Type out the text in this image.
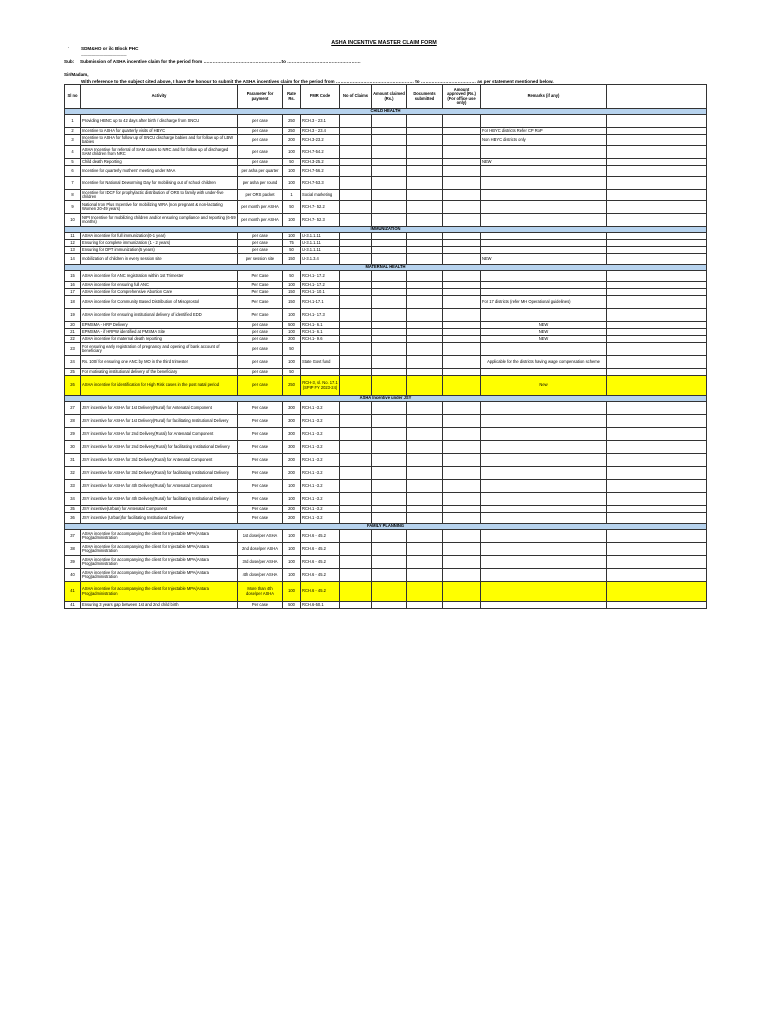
ASHA INCENTIVE MASTER CLAIM FORM
.	SDM&HO or i/c Block PHC
--------------------------------------------
Sub: Submission of ASHA incentive claim for the period from ……………………………………………to …………………………………………
Sir/Madam,
With reference to the subject cited above, I have the honour to submit the ASHA incentives claim for the period from …………………………………………… to ……………………………… as per statement mentioned below.
Sl no	Activity	Parameter for payment	Rate Rs.	FMR Code	No of Claims	Amount claimed (Rs.)	Documents submitted	Amount approved (Rs.) (For office use only)	Remarks (if any)	
CHILD HEALTH										
1	Providing HBNC up to 42 days after birth / discharge from SNCU	per case	250	RCH.3 - 23.1						
2	Incentive to ASHA for quarterly visits of HBYC	per case	250	RCH.3 - 23.4					For HBYC districts Refer CP RoP	
3	Incentive to ASHA for follow up of SNCU discharge babies and for follow up of LBW babies	per case	200	RCH.3-23.2					Non HBYC districts only	
4	ASHA Incentive for referral of SAM cases to NRC and for follow up of discharged SAM children from NRC	per case	100	RCH.7-54.2						
5	Child death Reporting	per case	50	RCH.3-25.2					NEW	
6	Incentive for quarterly mothers' meeting under MAA	per asha per quarter	100	RCH.7-56.2						
7	Incentive for National Deworming Day for mobilising out of school children	per asha per round	100	RCH.7-53.3						
8	Incentive for IDCF for prophylactic distribution of ORS to family with under-five children	per ORS packet	1	Social marketing						
9	National Iron Plus Incentive for mobilizing WRA (non pregnant & non-lactating Women 20-49 years)	per month per ASHA	50	RCH.7- 52.2						
10	NIPI Incentive for mobilizing children and/or ensuring compliance and reporting (6-59 months)	per month per ASHA	100	RCH.7- 52.3						
IMMUNIZATION										
11	ASHA incentive for full immunization(0-1 year)	per case	100	U-3.1.1.11						
12	Ensuring for complete immunization (1 - 2 years)	per case	75	U-3.1.1.11						
13	Ensuring for DPT immunization(5 years)	per case	50	U-3.1.1.11						
14	mobilization of children in every session site	per session site	150	U-3.1.3.4					NEW	
MATERNAL HEALTH										
15	ASHA incentive for ANC registration within 1st Trimester	Per Case	50	RCH.1- 17.2						
16	ASHA incentive for ensuring full ANC	Per Case	100	RCH.1- 17.2						
17	ASHA incentive for Comprehensive Abortion Care	Per Case	150	RCH.1- 10.1						
18	ASHA incentive for Community Based Distribution of Misoprostol	Per Case	150	RCH.1-17.1					For 17 districts (refer MH Operational guidelines)	
19	ASHA incentive for ensuring institutional delivery of identified EDD	Per Case	100	RCH.1- 17.3						
20	EPMSMA - HRP Delivery	per case	500	RCH.1- 6.1					NEW	
21	EPMSMA - if HRPW identified at PMSMA Site	per case	100	RCH.1- 6.1					NEW	
22	ASHA incentive for maternal death reporting	per case	200	RCH.1- 9.6					NEW	
23	For ensuring early registration of pregnancy and opening of bank account of beneficiary	per case	50							
24	Rs. 100/ for ensuring one ANC by MO in the third trimester	per case	100	State Govt fund					Applicable for the districts having wage compensation scheme	
25	For motivating institutional delivery of the beneficiary	per case	50							
26	ASHA incentive for identification for High Risk cases in the post natal period	per case	250	RCH-3, sl. No. 17.1 (SPIP FY 2023-24)					New	
ASHA Incentive under JSY										
27	JSY incentive for ASHA for 1st Delivery(Rural) for Antenatal Component	Per case	300	RCH.1 -3.2						
28	JSY incentive for ASHA for 1st Delivery(Rural) for facilitating Institutional Delivery	Per case	300	RCH.1 -3.2						
29	JSY incentive for ASHA for 2nd Delivery(Rural) for Antenatal Component	Per case	300	RCH.1 -3.2						
30	JSY incentive for ASHA for 2nd Delivery(Rural) for facilitating Institutional Delivery	Per case	300	RCH.1 -3.2						
31	JSY incentive for ASHA for 3rd Delivery(Rural) for Antenatal Component	Per case	200	RCH.1 -3.2						
32	JSY incentive for ASHA for 3rd Delivery(Rural) for facilitating Institutional Delivery	Per case	200	RCH.1 -3.2						
33	JSY incentive for ASHA for 4th Delivery(Rural) for Antenatal Component	Per case	100	RCH.1 -3.2						
34	JSY incentive for ASHA for 4th Delivery(Rural) for facilitating Institutional Delivery	Per case	100	RCH.1 -3.2						
35	JSY incentive(Urban) for Antenatal Component	Per case	200	RCH.1 -3.2						
36	JSY incentive (Urban)for facilitating Institutional Delivery	Per case	200	RCH.1 -3.2						
FAMILY PLANNING										
37	ASHA incentive for accompanying the client for Injectable MPA(Antara Prog)administration	1st dose/per ASHA	100	RCH.6 - 45.2						
38	ASHA incentive for accompanying the client for Injectable MPA(Antara Prog)administration	2nd dose/per ASHA	100	RCH.6 - 45.2						
39	ASHA incentive for accompanying the client for Injectable MPA(Antara Prog)administration	3rd dose/per ASHA	100	RCH.6 - 45.2						
40	ASHA incentive for accompanying the client for Injectable MPA(Antara Prog)administration	4th dose/per ASHA	100	RCH.6 - 45.2						
41	ASHA incentive for accompanying the client for Injectable MPA(Antara Prog)administration	More than 4th dose/per ASHA	100	RCH.6 - 45.2						
41	Ensuring 3 years gap between 1st and 2nd child birth	Per case	500	RCH.6-50.1						
